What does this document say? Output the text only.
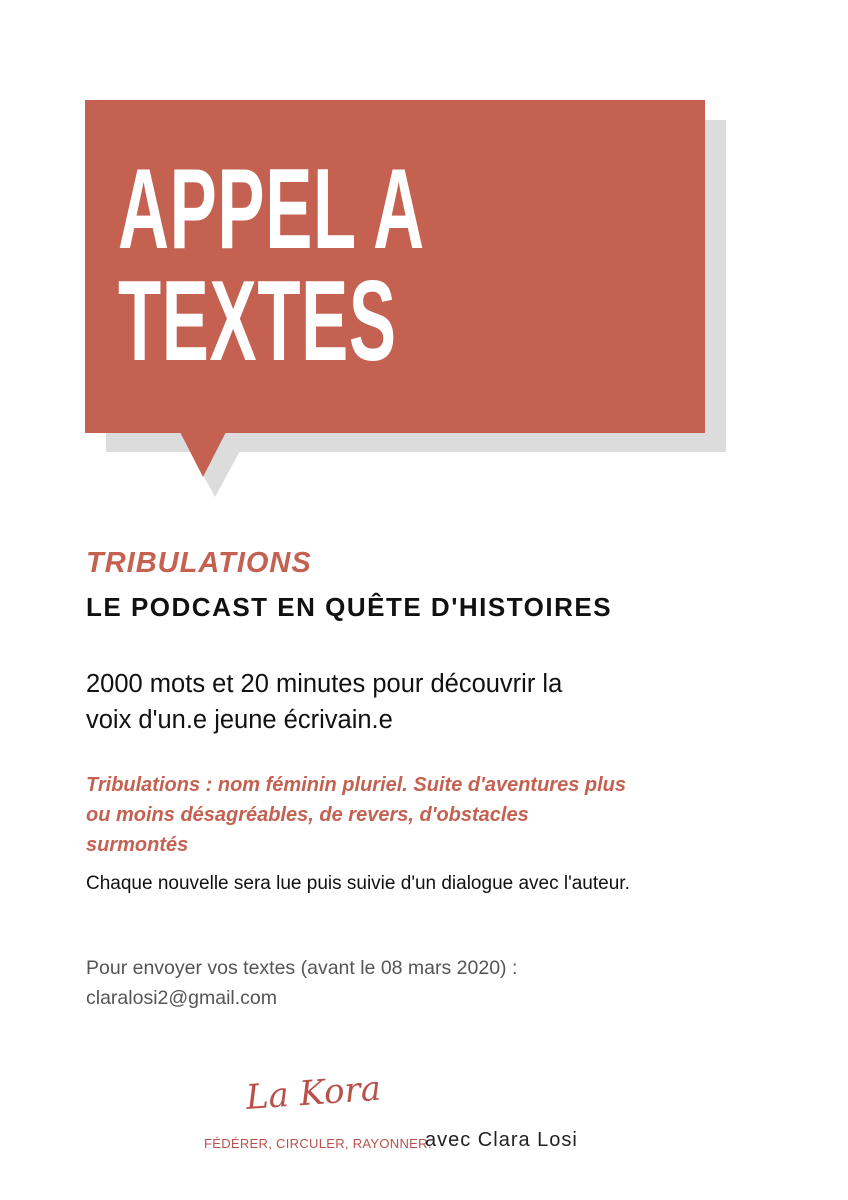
APPEL A
TEXTES
TRIBULATIONS
LE PODCAST EN QUÊTE D'HISTOIRES
2000 mots et 20 minutes pour découvrir la
voix d'un.e jeune écrivain.e
Tribulations : nom féminin pluriel. Suite d'aventures plus
ou moins désagréables, de revers, d'obstacles
surmontés
Chaque nouvelle sera lue puis suivie d'un dialogue avec l'auteur.
Pour envoyer vos textes (avant le 08 mars 2020) :
claralosi2@gmail.com
La Kora
FÉDÉRER, CIRCULER, RAYONNER.
avec Clara Losi
